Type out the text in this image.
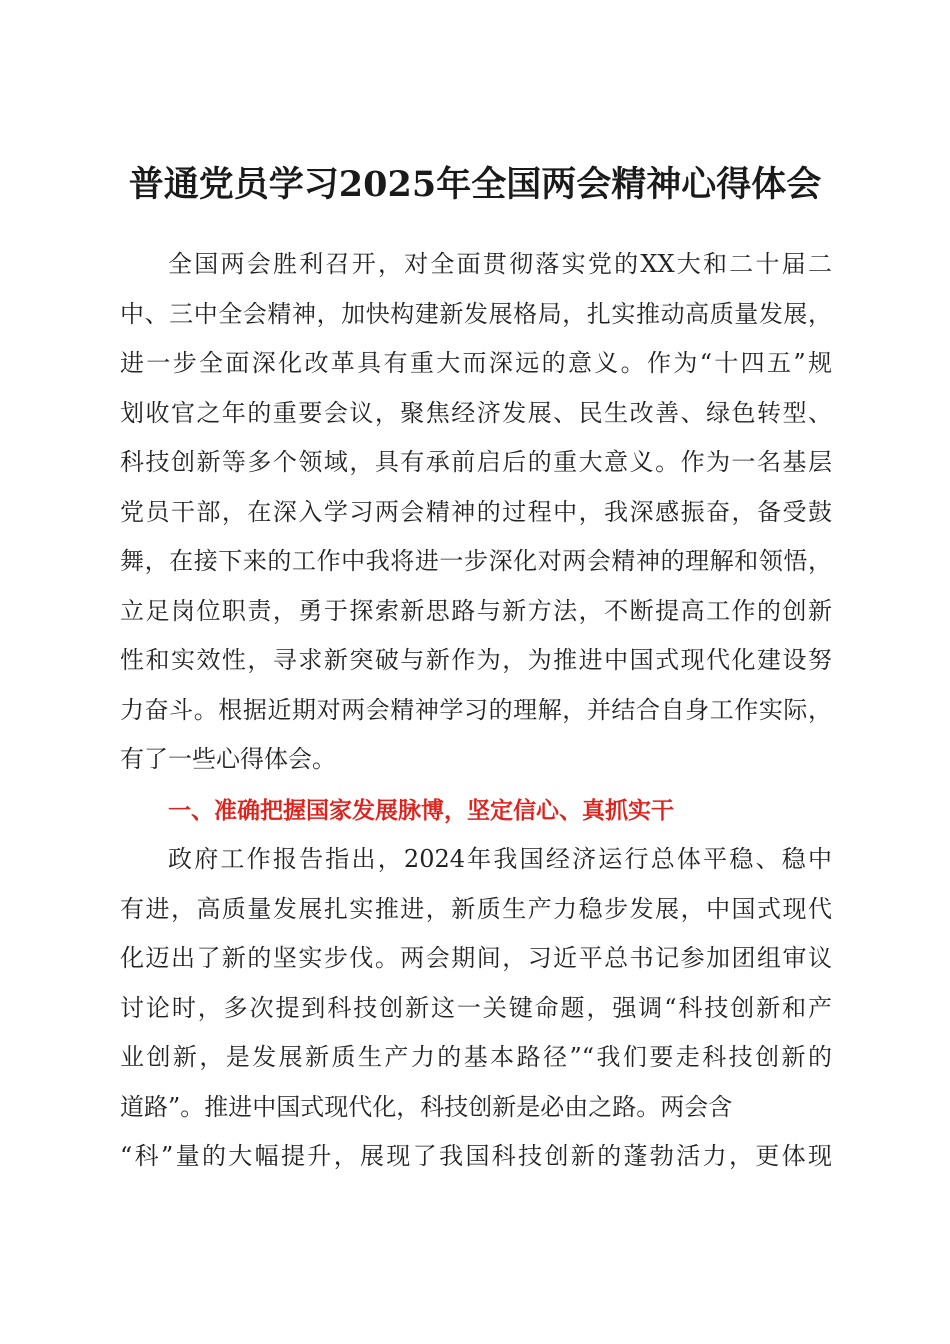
普通党员学习2025年全国两会精神心得体会
全国两会胜利召开，对全面贯彻落实党的XX大和二十届二
中、三中全会精神，加快构建新发展格局，扎实推动高质量发展，
进一步全面深化改革具有重大而深远的意义。作为“十四五”规
划收官之年的重要会议，聚焦经济发展、民生改善、绿色转型、
科技创新等多个领域，具有承前启后的重大意义。作为一名基层
党员干部，在深入学习两会精神的过程中，我深感振奋，备受鼓
舞，在接下来的工作中我将进一步深化对两会精神的理解和领悟，
立足岗位职责，勇于探索新思路与新方法，不断提高工作的创新
性和实效性，寻求新突破与新作为，为推进中国式现代化建设努
力奋斗。根据近期对两会精神学习的理解，并结合自身工作实际，
有了一些心得体会。
一、准确把握国家发展脉博，坚定信心、真抓实干
政府工作报告指出，2024年我国经济运行总体平稳、稳中
有进，高质量发展扎实推进，新质生产力稳步发展，中国式现代
化迈出了新的坚实步伐。两会期间，习近平总书记参加团组审议
讨论时，多次提到科技创新这一关键命题，强调“科技创新和产
业创新，是发展新质生产力的基本路径”“我们要走科技创新的
道路”。推进中国式现代化，科技创新是必由之路。两会含
“科”量的大幅提升，展现了我国科技创新的蓬勃活力，更体现
